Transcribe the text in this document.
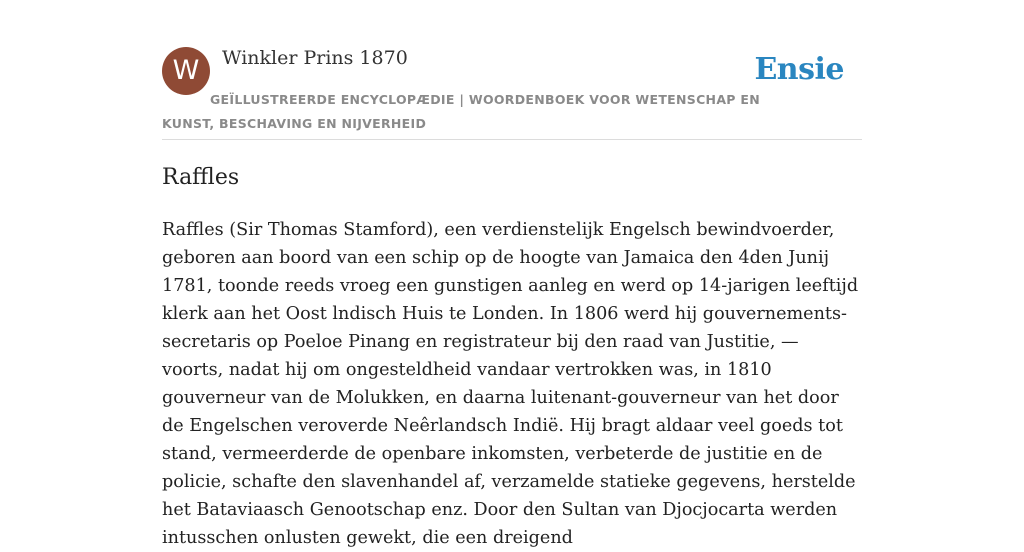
W	Winkler Prins 1870
GEÏLLUSTREERDE ENCYCLOPÆDIE | WOORDENBOEK VOOR WETENSCHAP EN KUNST, BESCHAVING EN NIJVERHEID
Ensie
Raffles

Raffles (Sir Thomas Stamford), een verdienstelijk Engelsch bewindvoerder, geboren aan boord van een schip op de hoogte van Jamaica den 4den Junij 1781, toonde reeds vroeg een gunstigen aanleg en werd op 14-jarigen leeftijd klerk aan het Oost lndisch Huis te Londen. In 1806 werd hij gouvernements-secretaris op Poeloe Pinang en registrateur bij den raad van Justitie, — voorts, nadat hij om ongesteldheid vandaar vertrokken was, in 1810 gouverneur van de Molukken, en daarna luitenant-gouverneur van het door de Engelschen veroverde Neêrlandsch Indië. Hij bragt aldaar veel goeds tot stand, vermeerderde de openbare inkomsten, verbeterde de justitie en de policie, schafte den slavenhandel af, verzamelde statieke gegevens, herstelde het Bataviaasch Genootschap enz. Door den Sultan van Djocjocarta werden intusschen onlusten gewekt, die een dreigend
